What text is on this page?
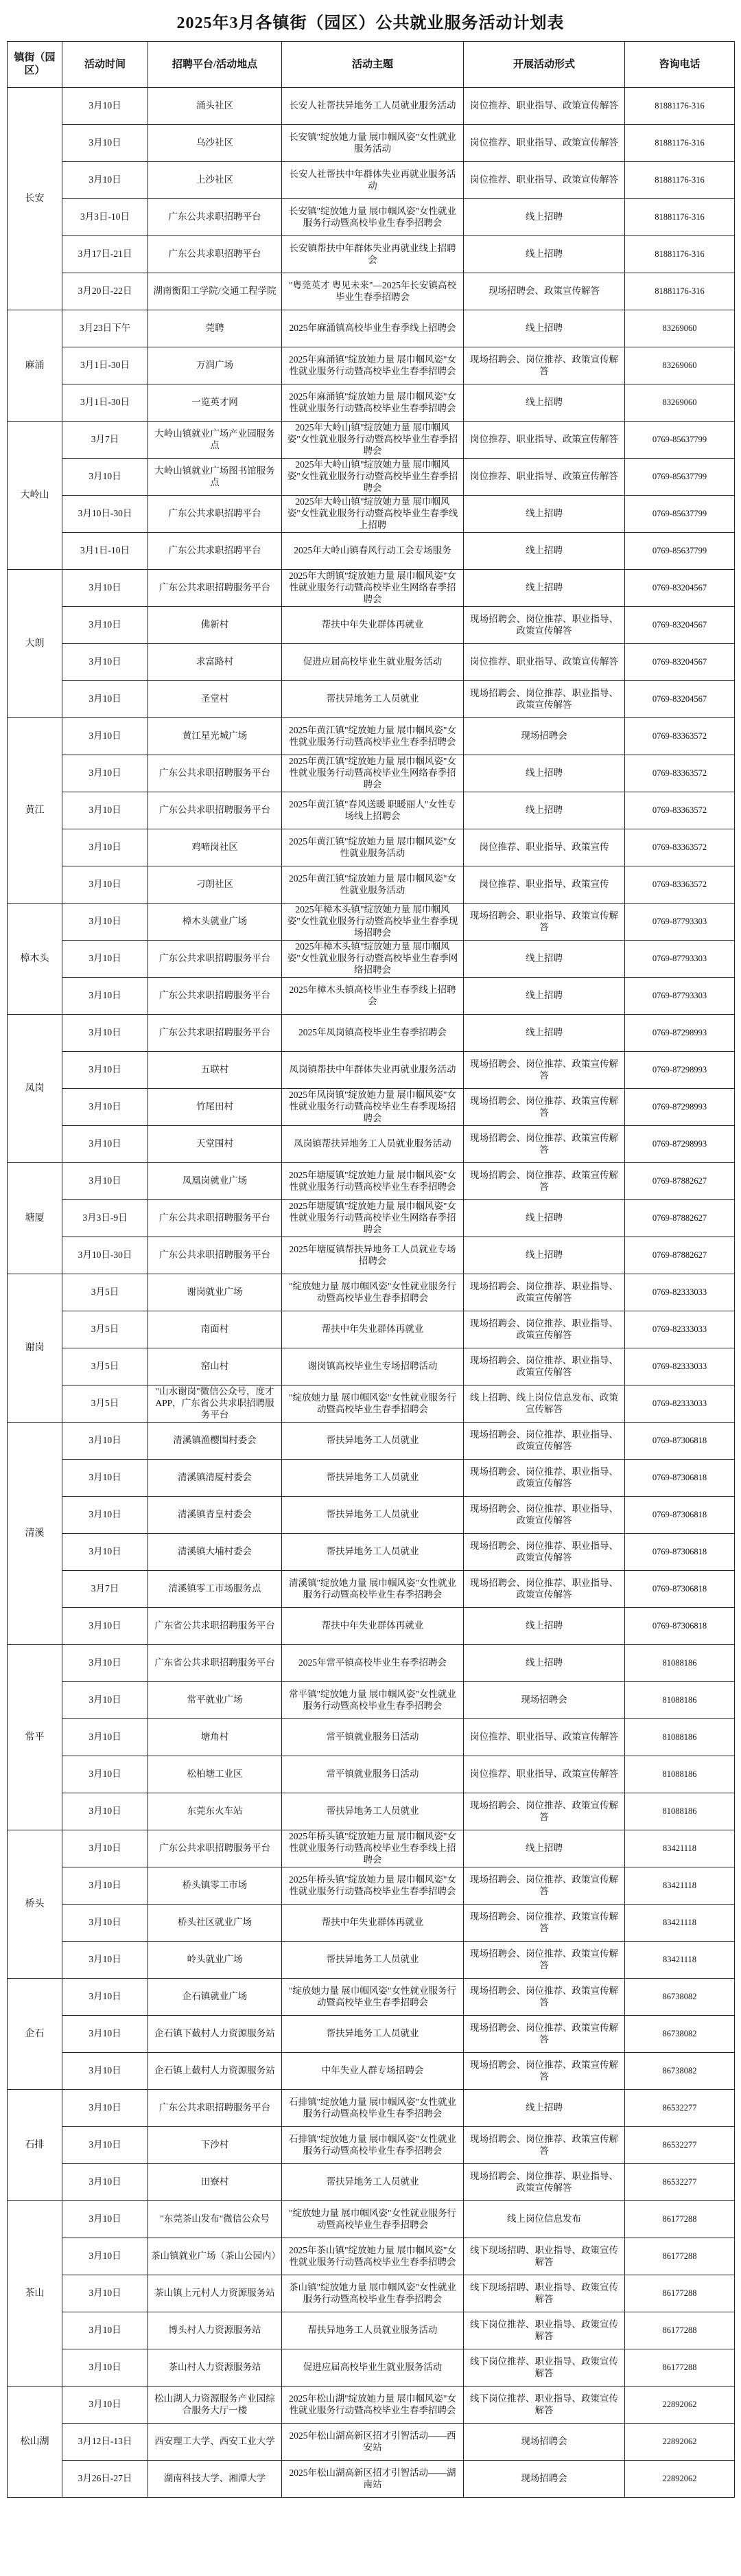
2025年3月各镇街（园区）公共就业服务活动计划表
镇街（园区）	活动时间	招聘平台/活动地点	活动主题	开展活动形式	咨询电话
长安	3月10日	涌头社区	长安人社帮扶异地务工人员就业服务活动	岗位推荐、职业指导、政策宣传解答	81881176-316
	3月10日	乌沙社区	长安镇"绽放她力量 展巾帼风姿"女性就业服务活动	岗位推荐、职业指导、政策宣传解答	81881176-316
	3月10日	上沙社区	长安人社帮扶中年群体失业再就业服务活动	岗位推荐、职业指导、政策宣传解答	81881176-316
	3月3日-10日	广东公共求职招聘平台	长安镇"绽放她力量 展巾帼风姿"女性就业服务行动暨高校毕业生春季招聘会	线上招聘	81881176-316
	3月17日-21日	广东公共求职招聘平台	长安镇帮扶中年群体失业再就业线上招聘会	线上招聘	81881176-316
	3月20日-22日	湖南衡阳工学院/交通工程学院	"粤莞英才 粤见未来"—2025年长安镇高校毕业生春季招聘会	现场招聘会、政策宣传解答	81881176-316
麻涌	3月23日下午	莞聘	2025年麻涌镇高校毕业生春季线上招聘会	线上招聘	83269060
	3月1日-30日	万润广场	2025年麻涌镇"绽放她力量 展巾帼风姿"女性就业服务行动暨高校毕业生春季招聘会	现场招聘会、岗位推荐、政策宣传解答	83269060
	3月1日-30日	一览英才网	2025年麻涌镇"绽放她力量 展巾帼风姿"女性就业服务行动暨高校毕业生春季招聘会	线上招聘	83269060
大岭山	3月7日	大岭山镇就业广场产业园服务点	2025年大岭山镇"绽放她力量 展巾帼风姿"女性就业服务行动暨高校毕业生春季招聘会	岗位推荐、职业指导、政策宣传解答	0769-85637799
	3月10日	大岭山镇就业广场图书馆服务点	2025年大岭山镇"绽放她力量 展巾帼风姿"女性就业服务行动暨高校毕业生春季招聘会	岗位推荐、职业指导、政策宣传解答	0769-85637799
	3月10日-30日	广东公共求职招聘平台	2025年大岭山镇"绽放她力量 展巾帼风姿"女性就业服务行动暨高校毕业生春季线上招聘	线上招聘	0769-85637799
	3月1日-10日	广东公共求职招聘平台	2025年大岭山镇春风行动工会专场服务	线上招聘	0769-85637799
大朗	3月10日	广东公共求职招聘服务平台	2025年大朗镇"绽放她力量 展巾帼风姿"女性就业服务行动暨高校毕业生网络春季招聘会	线上招聘	0769-83204567
	3月10日	佛新村	帮扶中年失业群体再就业	现场招聘会、岗位推荐、职业指导、政策宣传解答	0769-83204567
	3月10日	求富路村	促进应届高校毕业生就业服务活动	岗位推荐、职业指导、政策宣传解答	0769-83204567
	3月10日	圣堂村	帮扶异地务工人员就业	现场招聘会、岗位推荐、职业指导、政策宣传解答	0769-83204567
黄江	3月10日	黄江星光城广场	2025年黄江镇"绽放她力量 展巾帼风姿"女性就业服务行动暨高校毕业生春季招聘会	现场招聘会	0769-83363572
	3月10日	广东公共求职招聘服务平台	2025年黄江镇"绽放她力量 展巾帼风姿"女性就业服务行动暨高校毕业生网络春季招聘会	线上招聘	0769-83363572
	3月10日	广东公共求职招聘服务平台	2025年黄江镇"春风送暖 职暖丽人"女性专场线上招聘会	线上招聘	0769-83363572
	3月10日	鸡啼岗社区	2025年黄江镇"绽放她力量 展巾帼风姿"女性就业服务活动	岗位推荐、职业指导、政策宣传	0769-83363572
	3月10日	刁朗社区	2025年黄江镇"绽放她力量 展巾帼风姿"女性就业服务活动	岗位推荐、职业指导、政策宣传	0769-83363572
樟木头	3月10日	樟木头就业广场	2025年樟木头镇"绽放她力量 展巾帼风姿"女性就业服务行动暨高校毕业生春季现场招聘会	现场招聘会、职业指导、政策宣传解答	0769-87793303
	3月10日	广东公共求职招聘服务平台	2025年樟木头镇"绽放她力量 展巾帼风姿"女性就业服务行动暨高校毕业生春季网络招聘会	线上招聘	0769-87793303
	3月10日	广东公共求职招聘服务平台	2025年樟木头镇高校毕业生春季线上招聘会	线上招聘	0769-87793303
凤岗	3月10日	广东公共求职招聘服务平台	2025年凤岗镇高校毕业生春季招聘会	线上招聘	0769-87298993
	3月10日	五联村	凤岗镇帮扶中年群体失业再就业服务活动	现场招聘会、岗位推荐、政策宣传解答	0769-87298993
	3月10日	竹尾田村	2025年凤岗镇"绽放她力量 展巾帼风姿"女性就业服务行动暨高校毕业生春季现场招聘会	现场招聘会、岗位推荐、政策宣传解答	0769-87298993
	3月10日	天堂围村	凤岗镇帮扶异地务工人员就业服务活动	现场招聘会、岗位推荐、政策宣传解答	0769-87298993
塘厦	3月10日	凤凰岗就业广场	2025年塘厦镇"绽放她力量 展巾帼风姿"女性就业服务行动暨高校毕业生春季招聘会	现场招聘会、岗位推荐、政策宣传解答	0769-87882627
	3月3日-9日	广东公共求职招聘服务平台	2025年塘厦镇"绽放她力量 展巾帼风姿"女性就业服务行动暨高校毕业生网络春季招聘会	线上招聘	0769-87882627
	3月10日-30日	广东公共求职招聘服务平台	2025年塘厦镇帮扶异地务工人员就业专场招聘会	线上招聘	0769-87882627
谢岗	3月5日	谢岗就业广场	"绽放她力量 展巾帼风姿"女性就业服务行动暨高校毕业生春季招聘会	现场招聘会、岗位推荐、职业指导、政策宣传解答	0769-82333033
	3月5日	南面村	帮扶中年失业群体再就业	现场招聘会、岗位推荐、职业指导、政策宣传解答	0769-82333033
	3月5日	窑山村	谢岗镇高校毕业生专场招聘活动	现场招聘会、岗位推荐、职业指导、政策宣传解答	0769-82333033
	3月5日	"山水谢岗"微信公众号，度才 APP，广东省公共求职招聘服务平台	"绽放她力量 展巾帼风姿"女性就业服务行动暨高校毕业生春季招聘会	线上招聘、线上岗位信息发布、政策宣传解答	0769-82333033
清溪	3月10日	清溪镇渔樱围村委会	帮扶异地务工人员就业	现场招聘会、岗位推荐、职业指导、政策宣传解答	0769-87306818
	3月10日	清溪镇清厦村委会	帮扶异地务工人员就业	现场招聘会、岗位推荐、职业指导、政策宣传解答	0769-87306818
	3月10日	清溪镇青皇村委会	帮扶异地务工人员就业	现场招聘会、岗位推荐、职业指导、政策宣传解答	0769-87306818
	3月10日	清溪镇大埔村委会	帮扶异地务工人员就业	现场招聘会、岗位推荐、职业指导、政策宣传解答	0769-87306818
	3月7日	清溪镇零工市场服务点	清溪镇"绽放她力量 展巾帼风姿"女性就业服务行动暨高校毕业生春季招聘会	现场招聘会、岗位推荐、职业指导、政策宣传解答	0769-87306818
	3月10日	广东省公共求职招聘服务平台	帮扶中年失业群体再就业	线上招聘	0769-87306818
常平	3月10日	广东省公共求职招聘服务平台	2025年常平镇高校毕业生春季招聘会	线上招聘	81088186
	3月10日	常平就业广场	常平镇"绽放她力量 展巾帼风姿"女性就业服务行动暨高校毕业生春季招聘会	现场招聘会	81088186
	3月10日	塘角村	常平镇就业服务日活动	岗位推荐、职业指导、政策宣传解答	81088186
	3月10日	松柏塘工业区	常平镇就业服务日活动	岗位推荐、职业指导、政策宣传解答	81088186
	3月10日	东莞东火车站	帮扶异地务工人员就业	现场招聘会、岗位推荐、政策宣传解答	81088186
桥头	3月10日	广东公共求职招聘服务平台	2025年桥头镇"绽放她力量 展巾帼风姿"女性就业服务行动暨高校毕业生春季线上招聘会	线上招聘	83421118
	3月10日	桥头镇零工市场	2025年桥头镇"绽放她力量 展巾帼风姿"女性就业服务行动暨高校毕业生春季招聘会	现场招聘会、岗位推荐、政策宣传解答	83421118
	3月10日	桥头社区就业广场	帮扶中年失业群体再就业	现场招聘会、岗位推荐、政策宣传解答	83421118
	3月10日	岭头就业广场	帮扶异地务工人员就业	现场招聘会、岗位推荐、政策宣传解答	83421118
企石	3月10日	企石镇就业广场	"绽放她力量 展巾帼风姿"女性就业服务行动暨高校毕业生春季招聘会	现场招聘会、岗位推荐、政策宣传解答	86738082
	3月10日	企石镇下截村人力资源服务站	帮扶异地务工人员就业	现场招聘会、岗位推荐、政策宣传解答	86738082
	3月10日	企石镇上截村人力资源服务站	中年失业人群专场招聘会	现场招聘会、岗位推荐、政策宣传解答	86738082
石排	3月10日	广东公共求职招聘服务平台	石排镇"绽放她力量 展巾帼风姿"女性就业服务行动暨高校毕业生春季招聘会	线上招聘	86532277
	3月10日	下沙村	石排镇"绽放她力量 展巾帼风姿"女性就业服务行动暨高校毕业生春季招聘会	现场招聘会、岗位推荐、政策宣传解答	86532277
	3月10日	田寮村	帮扶异地务工人员就业	现场招聘会、岗位推荐、职业指导、政策宣传解答	86532277
茶山	3月10日	"东莞茶山发布"微信公众号	"绽放她力量 展巾帼风姿"女性就业服务行动暨高校毕业生春季招聘会	线上岗位信息发布	86177288
	3月10日	茶山镇就业广场（茶山公园内）	2025年茶山镇"绽放她力量 展巾帼风姿"女性就业服务行动暨高校毕业生春季招聘会	线下现场招聘、职业指导、政策宣传解答	86177288
	3月10日	茶山镇上元村人力资源服务站	茶山镇"绽放她力量 展巾帼风姿"女性就业服务行动暨高校毕业生春季招聘会	线下现场招聘、职业指导、政策宣传解答	86177288
	3月10日	博头村人力资源服务站	帮扶异地务工人员就业服务活动	线下岗位推荐、职业指导、政策宣传解答	86177288
	3月10日	茶山村人力资源服务站	促进应届高校毕业生就业服务活动	线下岗位推荐、职业指导、政策宣传解答	86177288
松山湖	3月10日	松山湖人力资源服务产业园综合服务大厅一楼	2025年松山湖"绽放她力量 展巾帼风姿"女性就业服务行动暨高校毕业生春季招聘会	线下岗位推荐、职业指导、政策宣传解答	22892062
	3月12日-13日	西安理工大学、西安工业大学	2025年松山湖高新区招才引智活动——西安站	现场招聘会	22892062
	3月26日-27日	湖南科技大学、湘潭大学	2025年松山湖高新区招才引智活动——湖南站	现场招聘会	22892062
